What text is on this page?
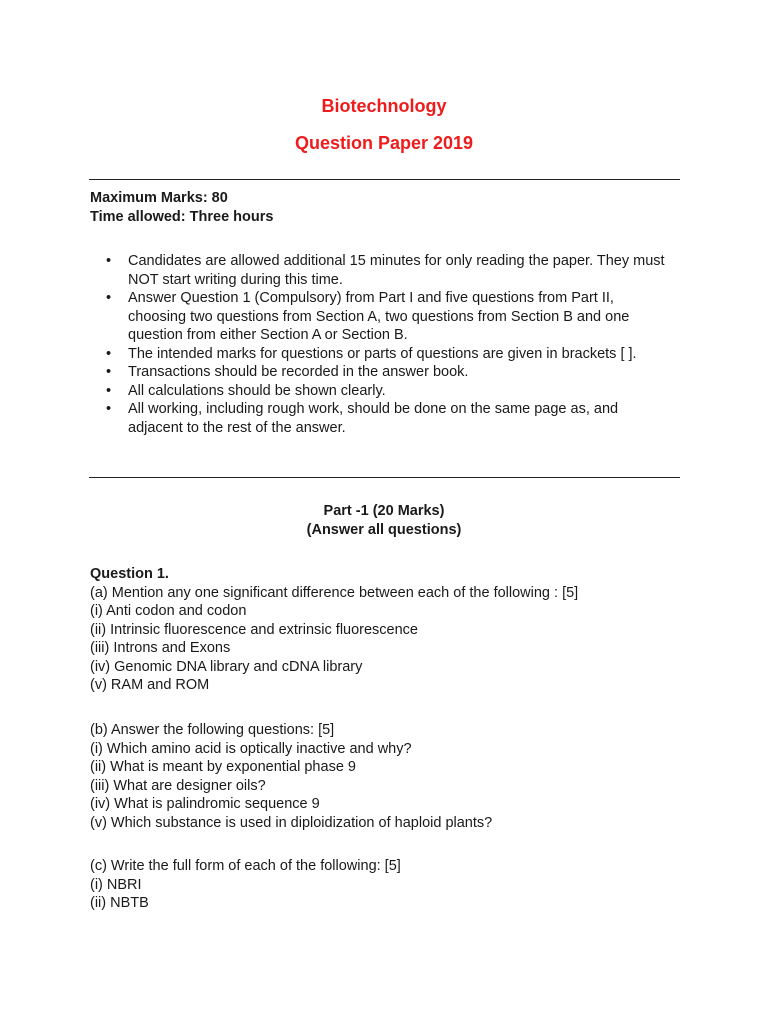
Biotechnology
Question Paper 2019
Maximum Marks: 80
Time allowed: Three hours
•	Candidates are allowed additional 15 minutes for only reading the paper. They must NOT start writing during this time.
•	Answer Question 1 (Compulsory) from Part I and five questions from Part II, choosing two questions from Section A, two questions from Section B and one question from either Section A or Section B.
•	The intended marks for questions or parts of questions are given in brackets [ ].
•	Transactions should be recorded in the answer book.
•	All calculations should be shown clearly.
•	All working, including rough work, should be done on the same page as, and adjacent to the rest of the answer.
Part -1 (20 Marks)
(Answer all questions)
Question 1.
(a) Mention any one significant difference between each of the following : [5]
(i) Anti codon and codon
(ii) Intrinsic fluorescence and extrinsic fluorescence
(iii) Introns and Exons
(iv) Genomic DNA library and cDNA library
(v) RAM and ROM
(b) Answer the following questions: [5]
(i) Which amino acid is optically inactive and why?
(ii) What is meant by exponential phase 9
(iii) What are designer oils?
(iv) What is palindromic sequence 9
(v) Which substance is used in diploidization of haploid plants?
(c) Write the full form of each of the following: [5]
(i) NBRI
(ii) NBTB
